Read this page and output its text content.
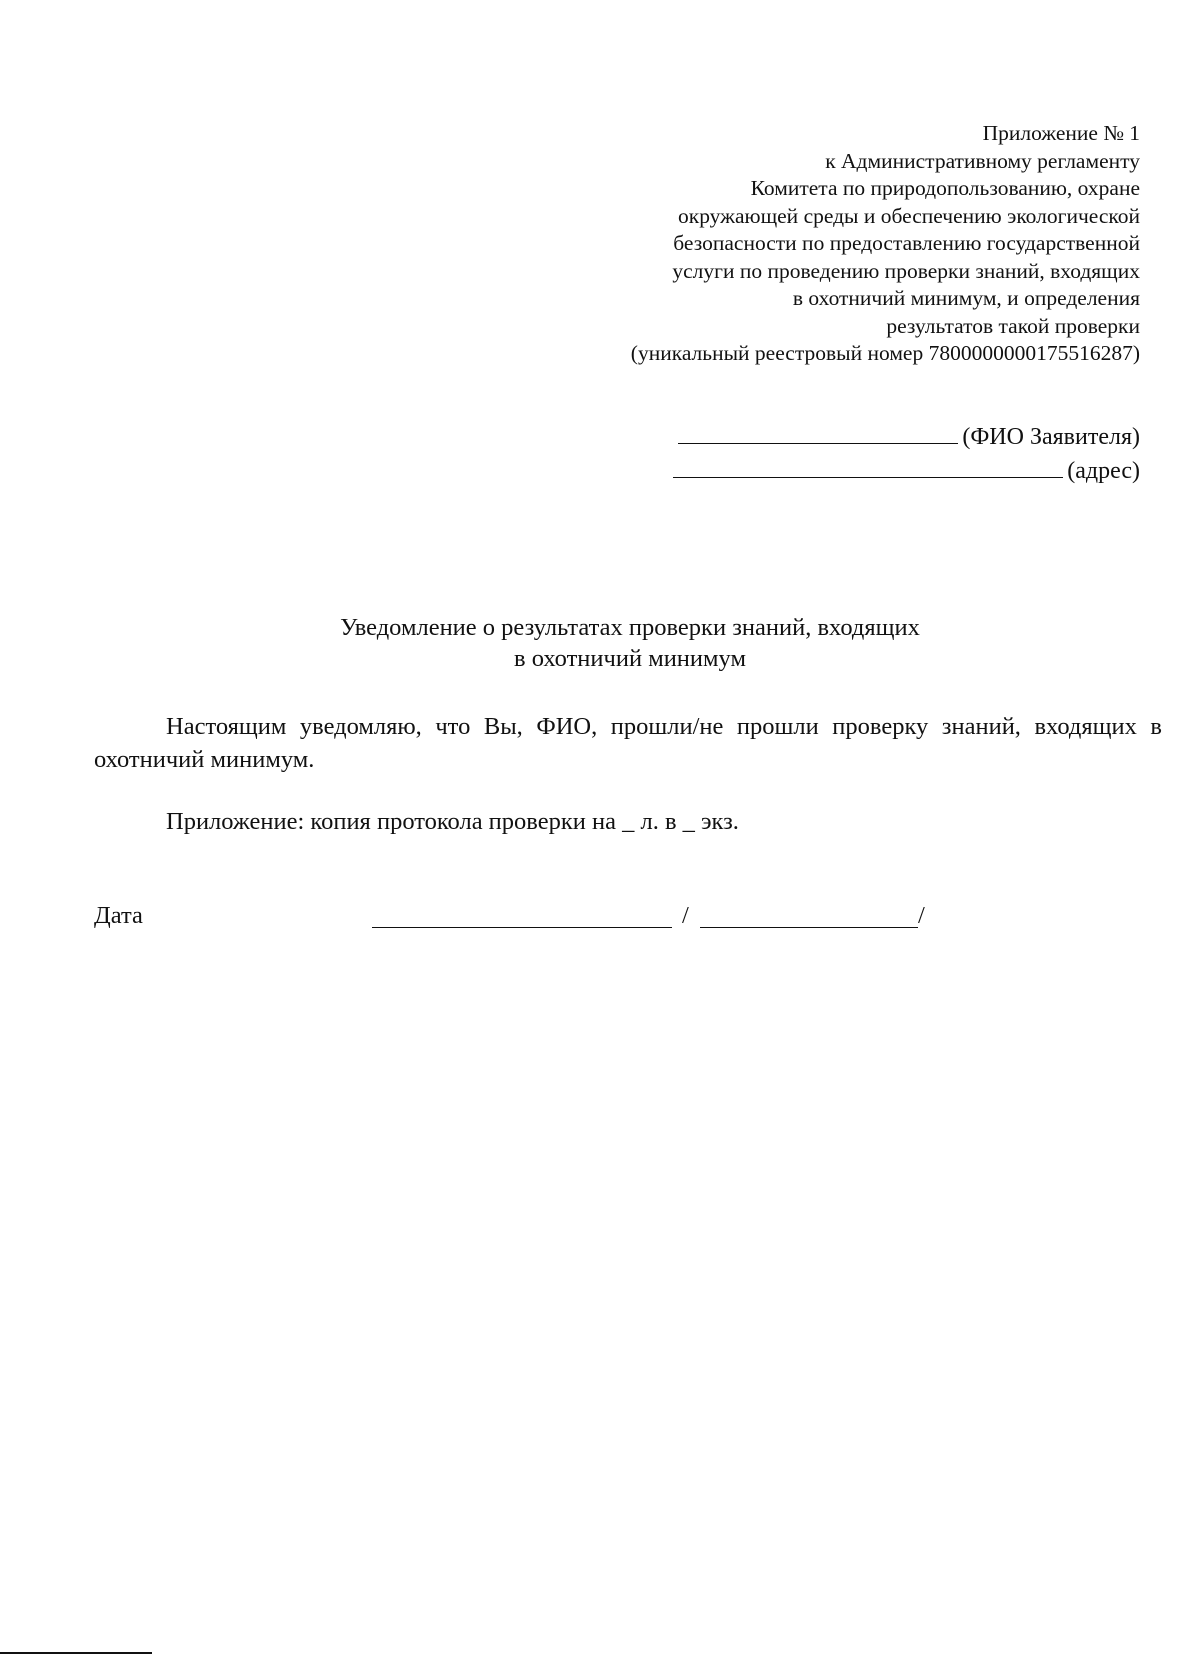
Приложение № 1
к Административному регламенту
Комитета по природопользованию, охране
окружающей среды и обеспечению экологической
безопасности по предоставлению государственной
услуги по проведению проверки знаний, входящих
в охотничий минимум, и определения
результатов такой проверки
(уникальный реестровый номер 7800000000175516287)
(ФИО Заявителя)
(адрес)
Уведомление о результатах проверки знаний, входящих
в охотничий минимум
Настоящим уведомляю, что Вы, ФИО, прошли/не прошли проверку знаний, входящих в охотничий минимум.
Приложение: копия протокола проверки на _ л. в _ экз.
Дата	/	/
